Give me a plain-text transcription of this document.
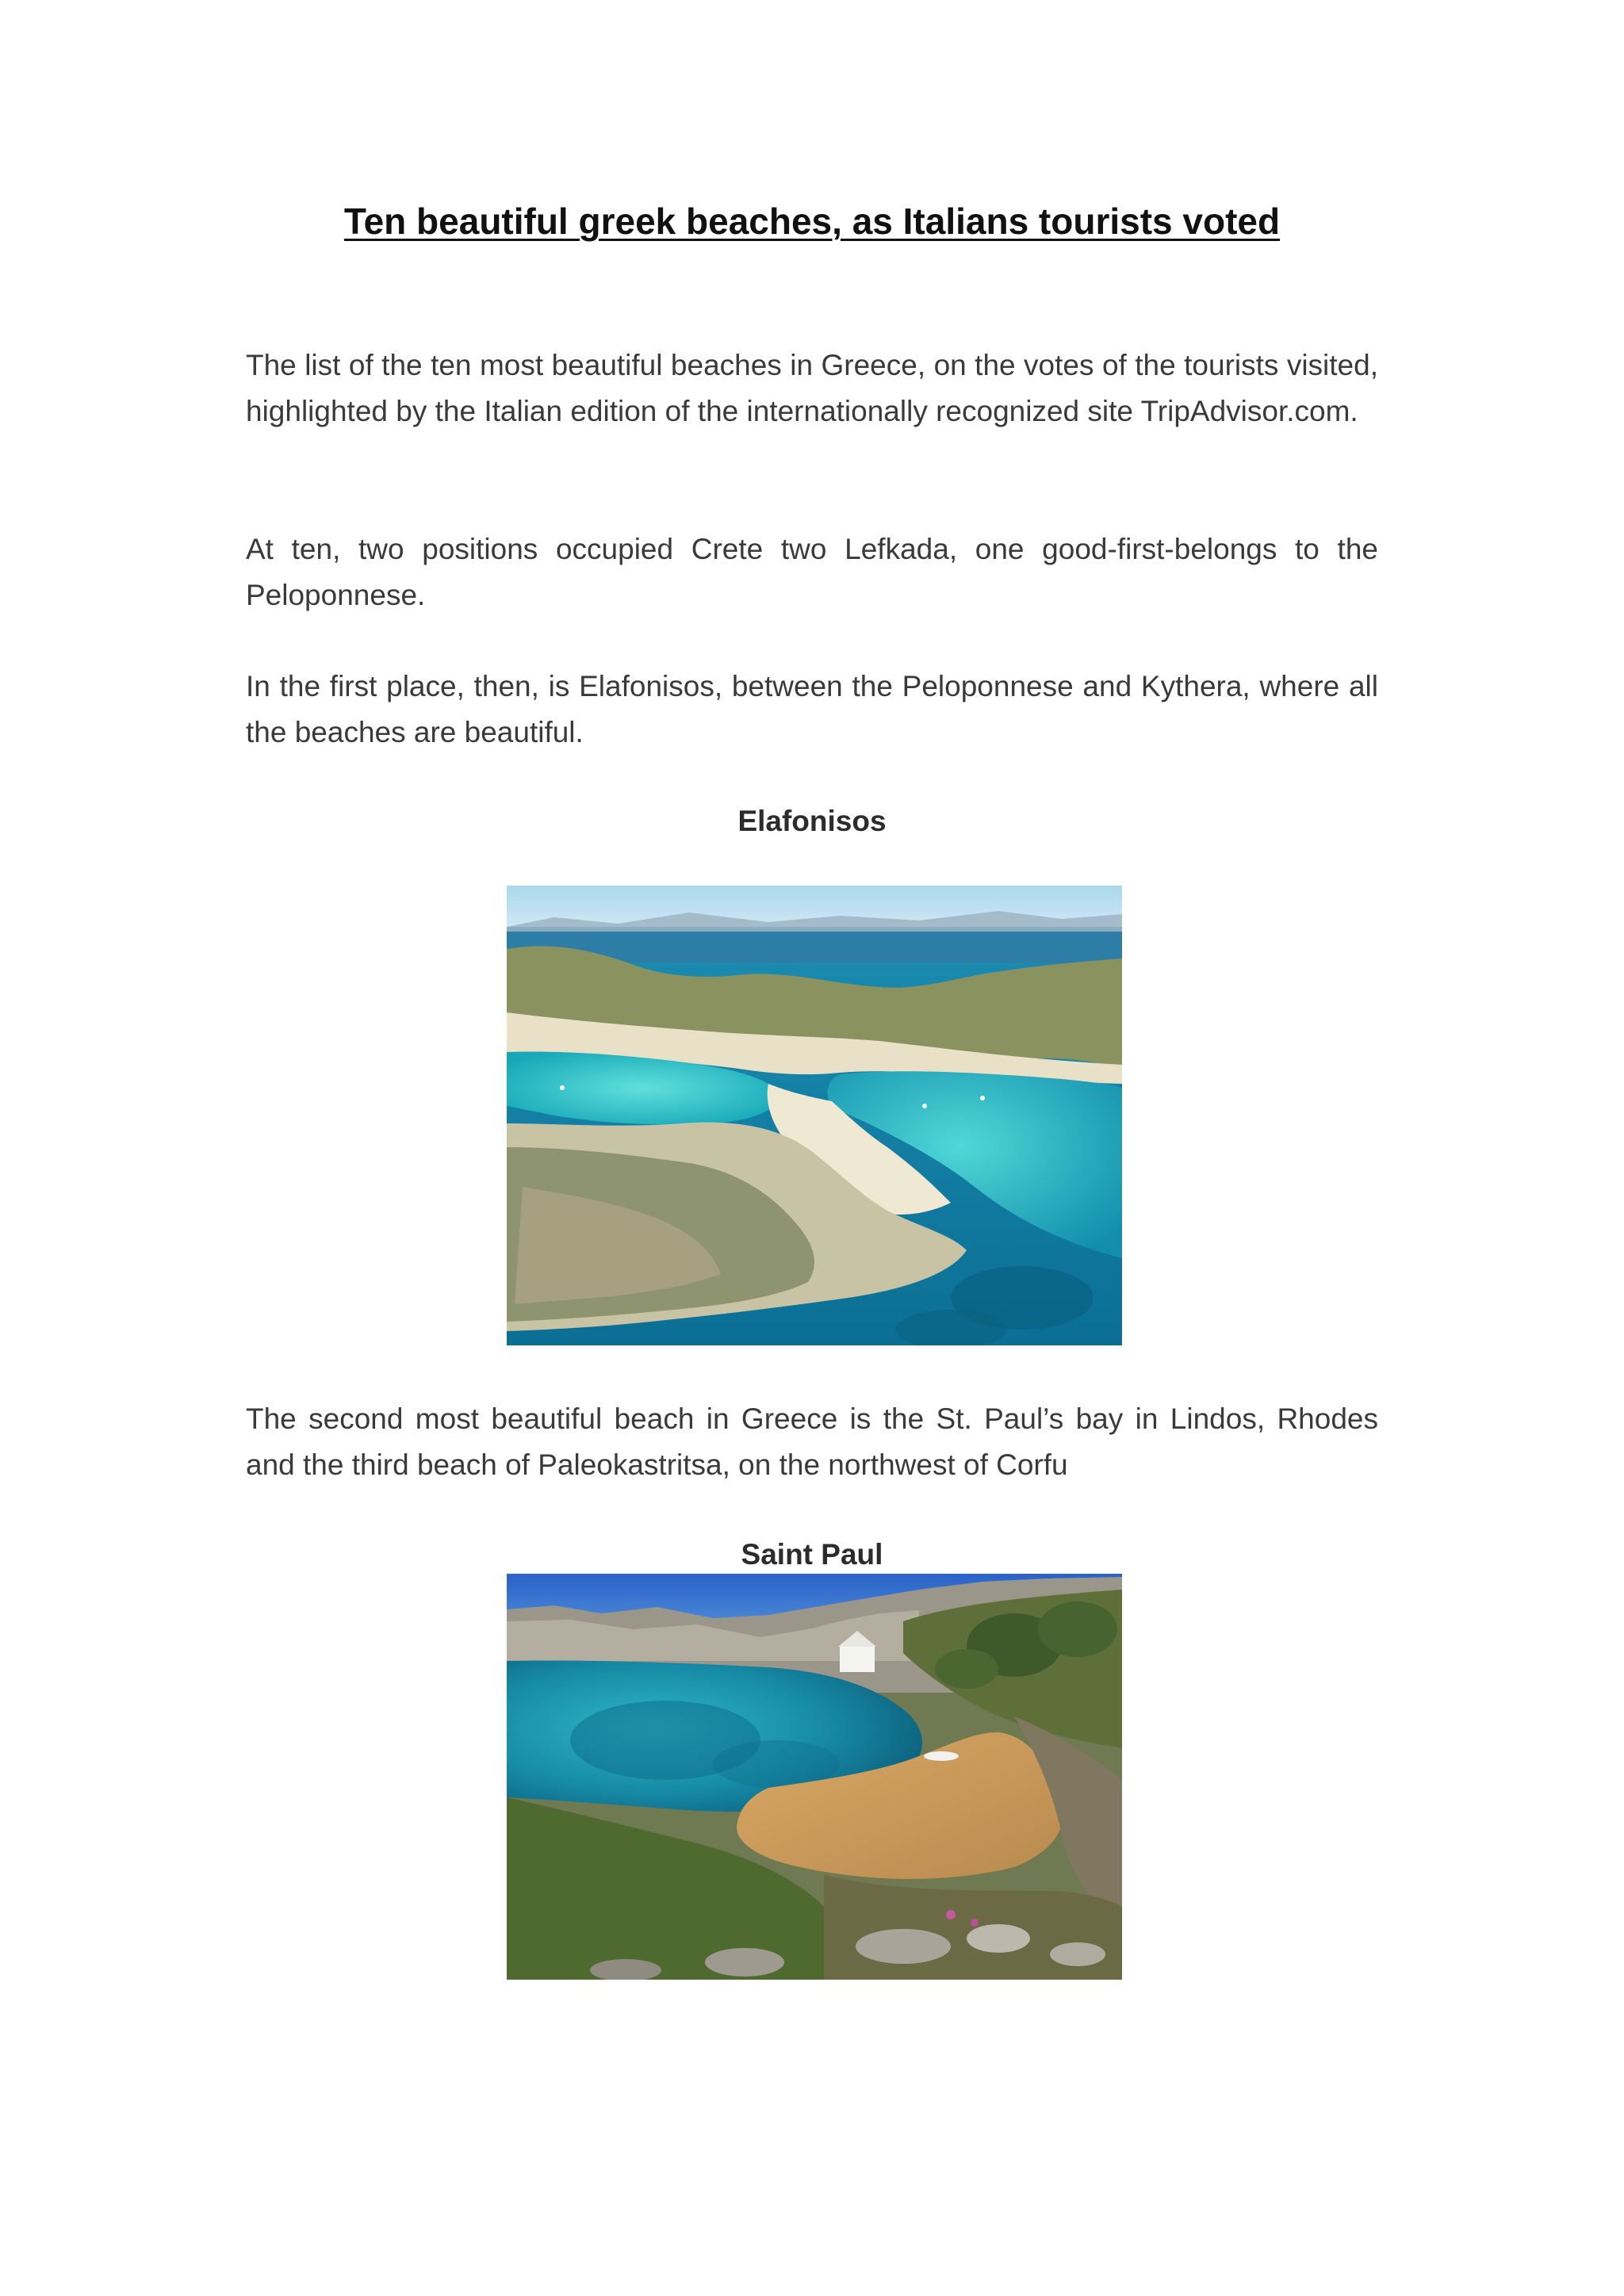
Ten beautiful greek beaches, as Italians tourists voted

The list of the ten most beautiful beaches in Greece, on the votes of the tourists visited, highlighted by the Italian edition of the internationally recognized site TripAdvisor.com.

At ten, two positions occupied Crete two Lefkada, one good-first-belongs to the Peloponnese.

In the first place, then, is Elafonisos, between the Peloponnese and Kythera, where all the beaches are beautiful.

Elafonisos

The second most beautiful beach in Greece is the St. Paul’s bay in Lindos, Rhodes and the third beach of Paleokastritsa, on the northwest of Corfu

Saint Paul
